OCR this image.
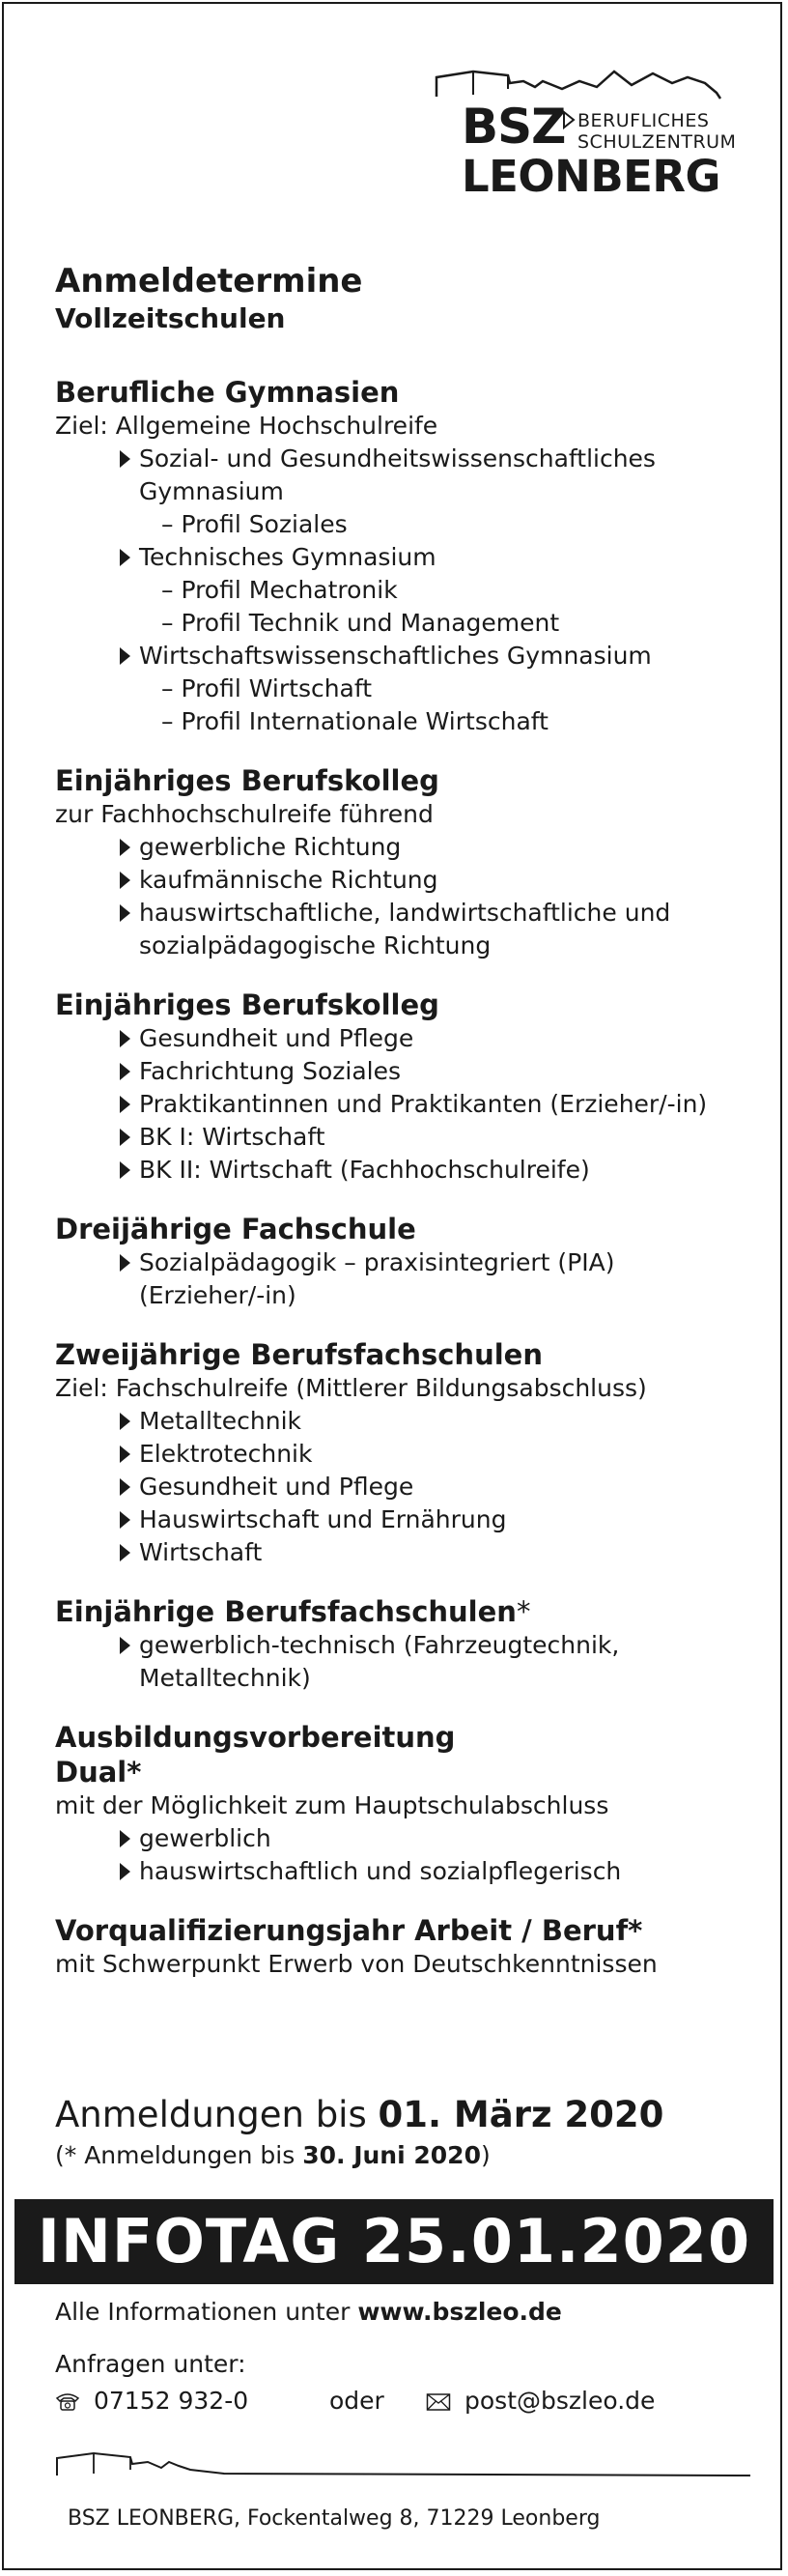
BSZ BERUFLICHES
SCHULZENTRUM
LEONBERG
Anmeldetermine
Vollzeitschulen

Berufliche Gymnasien

Ziel: Allgemeine Hochschulreife

Sozial- und Gesundheitswissenschaftliches
Gymnasium
– Profil Soziales
Technisches Gymnasium
– Profil Mechatronik
– Profil Technik und Management
Wirtschaftswissenschaftliches Gymnasium
– Profil Wirtschaft
– Profil Internationale Wirtschaft

Einjähriges Berufskolleg

zur Fachhochschulreife führend

gewerbliche Richtung
kaufmännische Richtung
hauswirtschaftliche, landwirtschaftliche und
sozialpädagogische Richtung

Einjähriges Berufskolleg

Gesundheit und Pflege
Fachrichtung Soziales
Praktikantinnen und Praktikanten (Erzieher/-in)
BK I: Wirtschaft
BK II: Wirtschaft (Fachhochschulreife)

Dreijährige Fachschule

Sozialpädagogik – praxisintegriert (PIA)
(Erzieher/-in)

Zweijährige Berufsfachschulen

Ziel: Fachschulreife (Mittlerer Bildungsabschluss)

Metalltechnik
Elektrotechnik
Gesundheit und Pflege
Hauswirtschaft und Ernährung
Wirtschaft

Einjährige Berufsfachschulen*

gewerblich-technisch (Fahrzeugtechnik,
Metalltechnik)

Ausbildungsvorbereitung

Dual*

mit der Möglichkeit zum Hauptschulabschluss

gewerblich
hauswirtschaftlich und sozialpflegerisch

Vorqualifizierungsjahr Arbeit / Beruf*

mit Schwerpunkt Erwerb von Deutschkenntnissen

Anmeldungen bis 01. März 2020

(* Anmeldungen bis 30. Juni 2020)

INFOTAG 25.01.2020

Alle Informationen unter www.bszleo.de

Anfragen unter:

07152 932-0	oder	post@bszleo.de
BSZ LEONBERG, Fockentalweg 8, 71229 Leonberg
